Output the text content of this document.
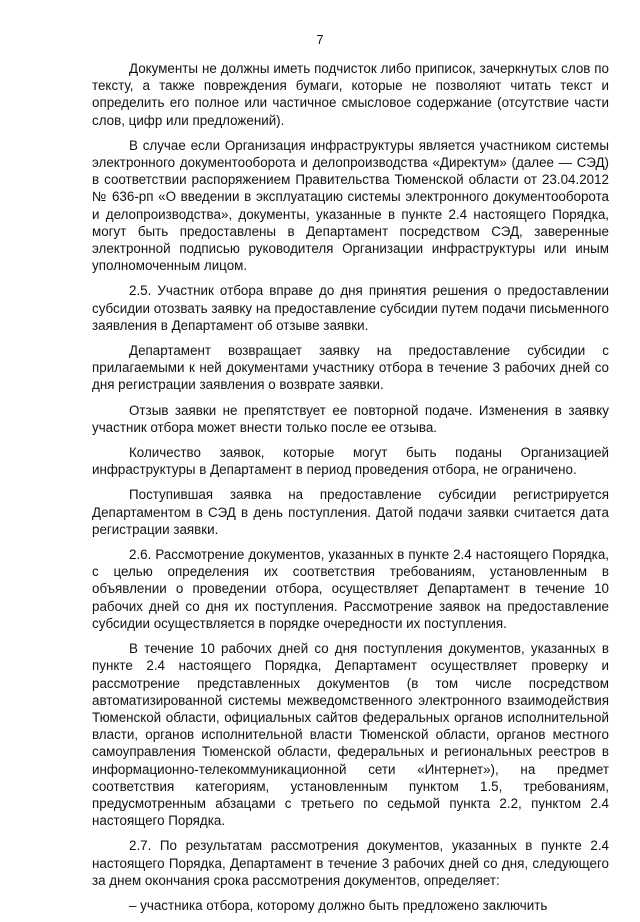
7

Документы не должны иметь подчисток либо приписок, зачеркнутых слов по тексту, а также повреждения бумаги, которые не позволяют читать текст и определить его полное или частичное смысловое содержание (отсутствие части слов, цифр или предложений).

В случае если Организация инфраструктуры является участником системы электронного документооборота и делопроизводства «Директум» (далее — СЭД) в соответствии распоряжением Правительства Тюменской области от 23.04.2012 № 636-рп «О введении в эксплуатацию системы электронного документооборота и делопроизводства», документы, указанные в пункте 2.4 настоящего Порядка, могут быть предоставлены в Департамент посредством СЭД, заверенные электронной подписью руководителя Организации инфраструктуры или иным уполномоченным лицом.

2.5. Участник отбора вправе до дня принятия решения о предоставлении субсидии отозвать заявку на предоставление субсидии путем подачи письменного заявления в Департамент об отзыве заявки.

Департамент возвращает заявку на предоставление субсидии с прилагаемыми к ней документами участнику отбора в течение 3 рабочих дней со дня регистрации заявления о возврате заявки.

Отзыв заявки не препятствует ее повторной подаче. Изменения в заявку участник отбора может внести только после ее отзыва.

Количество заявок, которые могут быть поданы Организацией инфраструктуры в Департамент в период проведения отбора, не ограничено.

Поступившая заявка на предоставление субсидии регистрируется Департаментом в СЭД в день поступления. Датой подачи заявки считается дата регистрации заявки.

2.6. Рассмотрение документов, указанных в пункте 2.4 настоящего Порядка, с целью определения их соответствия требованиям, установленным в объявлении о проведении отбора, осуществляет Департамент в течение 10 рабочих дней со дня их поступления. Рассмотрение заявок на предоставление субсидии осуществляется в порядке очередности их поступления.

В течение 10 рабочих дней со дня поступления документов, указанных в пункте 2.4 настоящего Порядка, Департамент осуществляет проверку и рассмотрение представленных документов (в том числе посредством автоматизированной системы межведомственного электронного взаимодействия Тюменской области, официальных сайтов федеральных органов исполнительной власти, органов исполнительной власти Тюменской области, органов местного самоуправления Тюменской области, федеральных и региональных реестров в информационно-телекоммуникационной сети «Интернет»), на предмет соответствия категориям, установленным пунктом 1.5, требованиям, предусмотренным абзацами с третьего по седьмой пункта 2.2, пунктом 2.4 настоящего Порядка.

2.7. По результатам рассмотрения документов, указанных в пункте 2.4 настоящего Порядка, Департамент в течение 3 рабочих дней со дня, следующего за днем окончания срока рассмотрения документов, определяет:

– участника отбора, которому должно быть предложено заключить
